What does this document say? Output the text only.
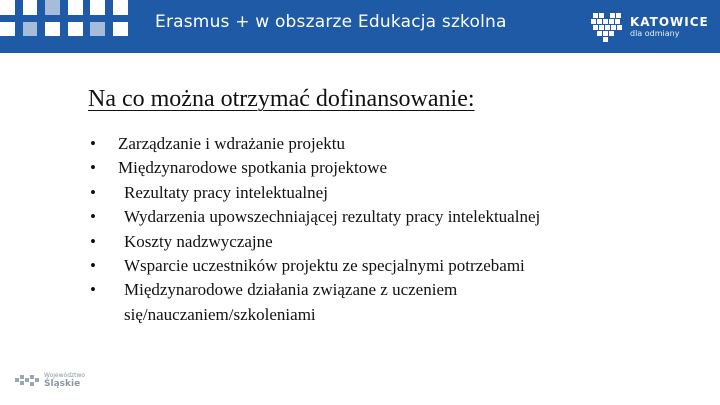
Erasmus + w obszarze Edukacja szkolna	KATOWICE
dla odmiany
Na co można otrzymać dofinansowanie:
• Zarządzanie i wdrażanie projektu
• Międzynarodowe spotkania projektowe
• Rezultaty pracy intelektualnej
• Wydarzenia upowszechniającej rezultaty pracy intelektualnej
• Koszty nadzwyczajne
• Wsparcie uczestników projektu ze specjalnymi potrzebami
• Międzynarodowe działania związane z uczeniem
się/nauczaniem/szkoleniami
Województwo
Śląskie
